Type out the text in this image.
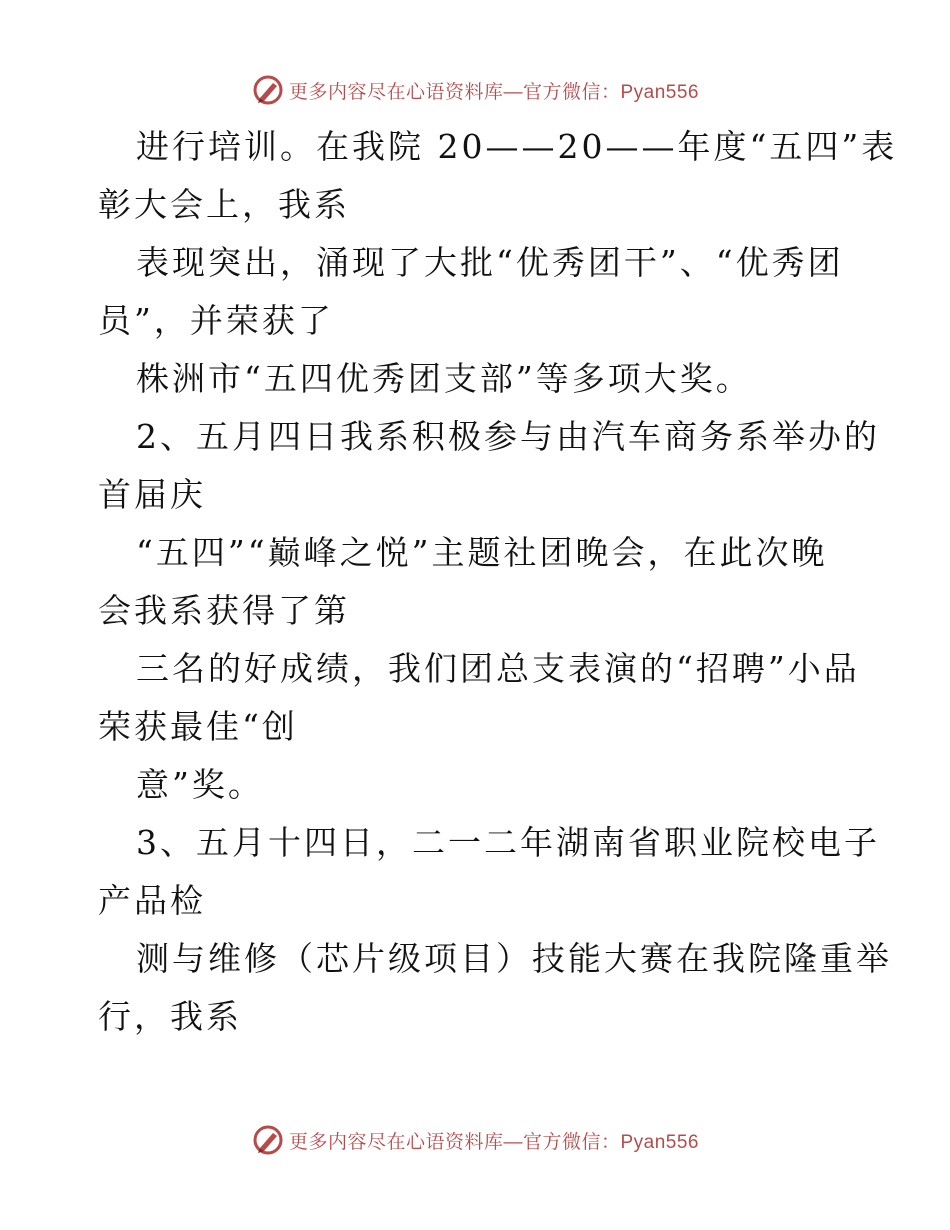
更多内容尽在心语资料库—官方微信：Pyan556
进行培训。在我院 20——20——年度“五四”表
彰大会上，我系
表现突出，涌现了大批“优秀团干”、“优秀团
员”，并荣获了
株洲市“五四优秀团支部”等多项大奖。
2、五月四日我系积极参与由汽车商务系举办的
首届庆
“五四”“巅峰之悦”主题社团晚会，在此次晚
会我系获得了第
三名的好成绩，我们团总支表演的“招聘”小品
荣获最佳“创
意”奖。
3、五月十四日，二一二年湖南省职业院校电子
产品检
测与维修（芯片级项目）技能大赛在我院隆重举
行，我系
更多内容尽在心语资料库—官方微信：Pyan556
